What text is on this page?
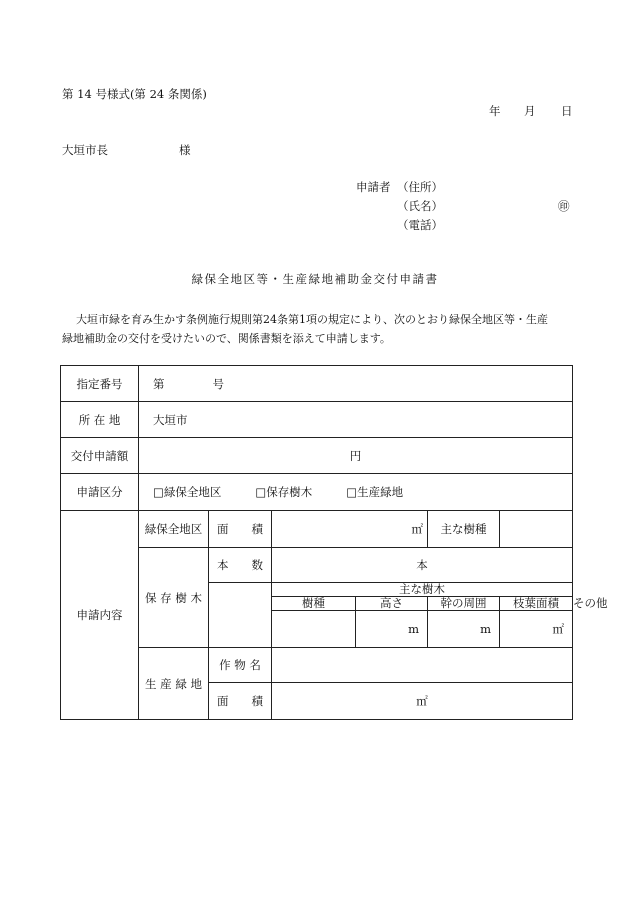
第 14 号様式(第 24 条関係)
年 月 日
大垣市長	様
申請者 （住所）
（氏名）	㊞
（電話）
緑保全地区等・生産緑地補助金交付申請書
大垣市緑を育み生かす条例施行規則第24条第1項の規定により、次のとおり緑保全地区等・生産
緑地補助金の交付を受けたいので、関係書類を添えて申請します。
指定番号	第 号						
所 在 地	大垣市						
交付申請額	円						
申請区分	□緑保全地区 □保存樹木 □生産緑地						
申請内容	緑保全地区	面　　積	㎡		主な樹種		
	保 存 樹 木	本　　数	本				
			主な樹木				
			樹種	高さ	幹の周囲	枝葉面積	その他
				m	m	㎡	
	生 産 緑 地	作 物 名					
		面　　積	㎡				
